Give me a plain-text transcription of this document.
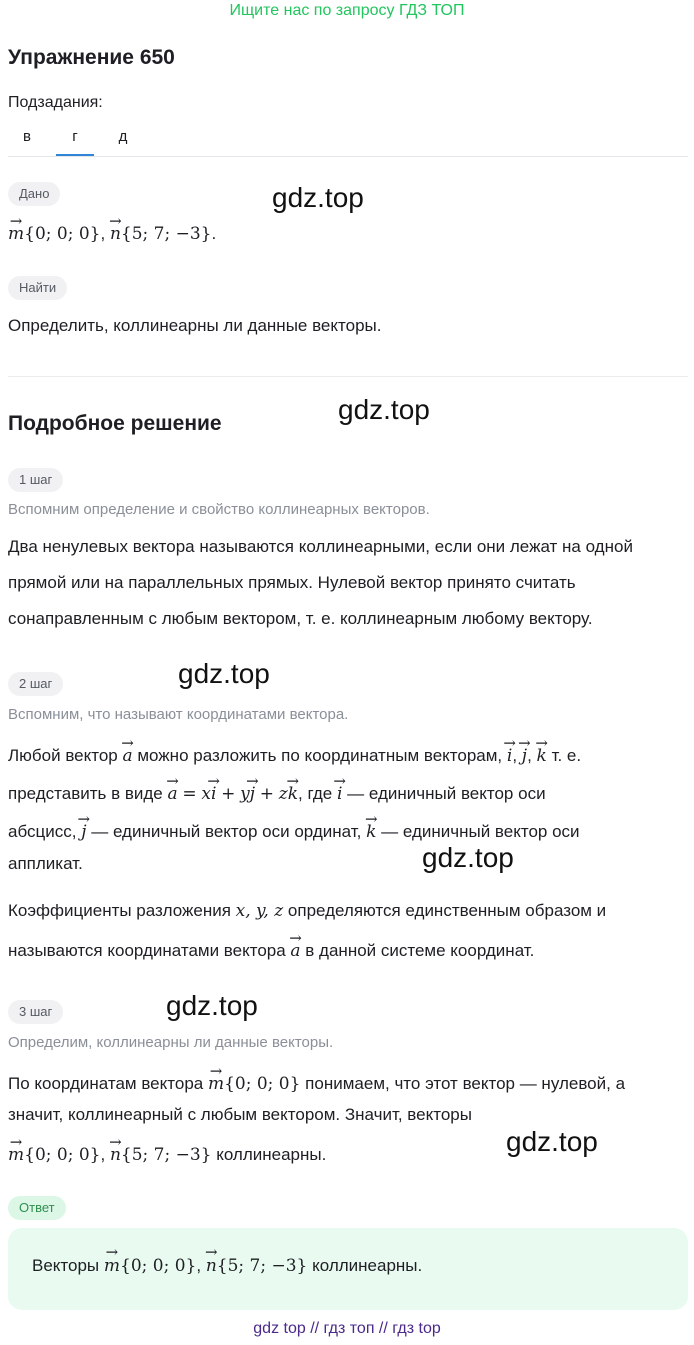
Ищите нас по запросу ГДЗ ТОП
Упражнение 650
Подзадания:
в	г	д
Дано	gdz.top
→ m{0; 0; 0}, → n{5; 7; −3}.
Найти
Определить, коллинеарны ли данные векторы.
Подробное решение	gdz.top
1 шаг
Вспомним определение и свойство коллинеарных векторов.
Два ненулевых вектора называются коллинеарными, если они лежат на одной
прямой или на параллельных прямых. Нулевой вектор принято считать
сонаправленным с любым вектором, т. е. коллинеарным любому вектору.
2 шаг	gdz.top
Вспомним, что называют координатами вектора.
Любой вектор → a можно разложить по координатным векторам, → i, → j, → k т. е.
представить в виде → a = x→ i + y→ j + z→ k, где → i — единичный вектор оси
абсцисс, → j — единичный вектор оси ординат, → k — единичный вектор оси
аппликат.	gdz.top
Коэффициенты разложения x, y, z определяются единственным образом и
называются координатами вектора → a в данной системе координат.
3 шаг	gdz.top
Определим, коллинеарны ли данные векторы.
По координатам вектора → m{0; 0; 0} понимаем, что этот вектор — нулевой, а
значит, коллинеарный с любым вектором. Значит, векторы
→ m{0; 0; 0}, → n{5; 7; −3} коллинеарны.	gdz.top
Ответ
Векторы → m{0; 0; 0}, → n{5; 7; −3} коллинеарны.
gdz top // гдз топ // гдз top
